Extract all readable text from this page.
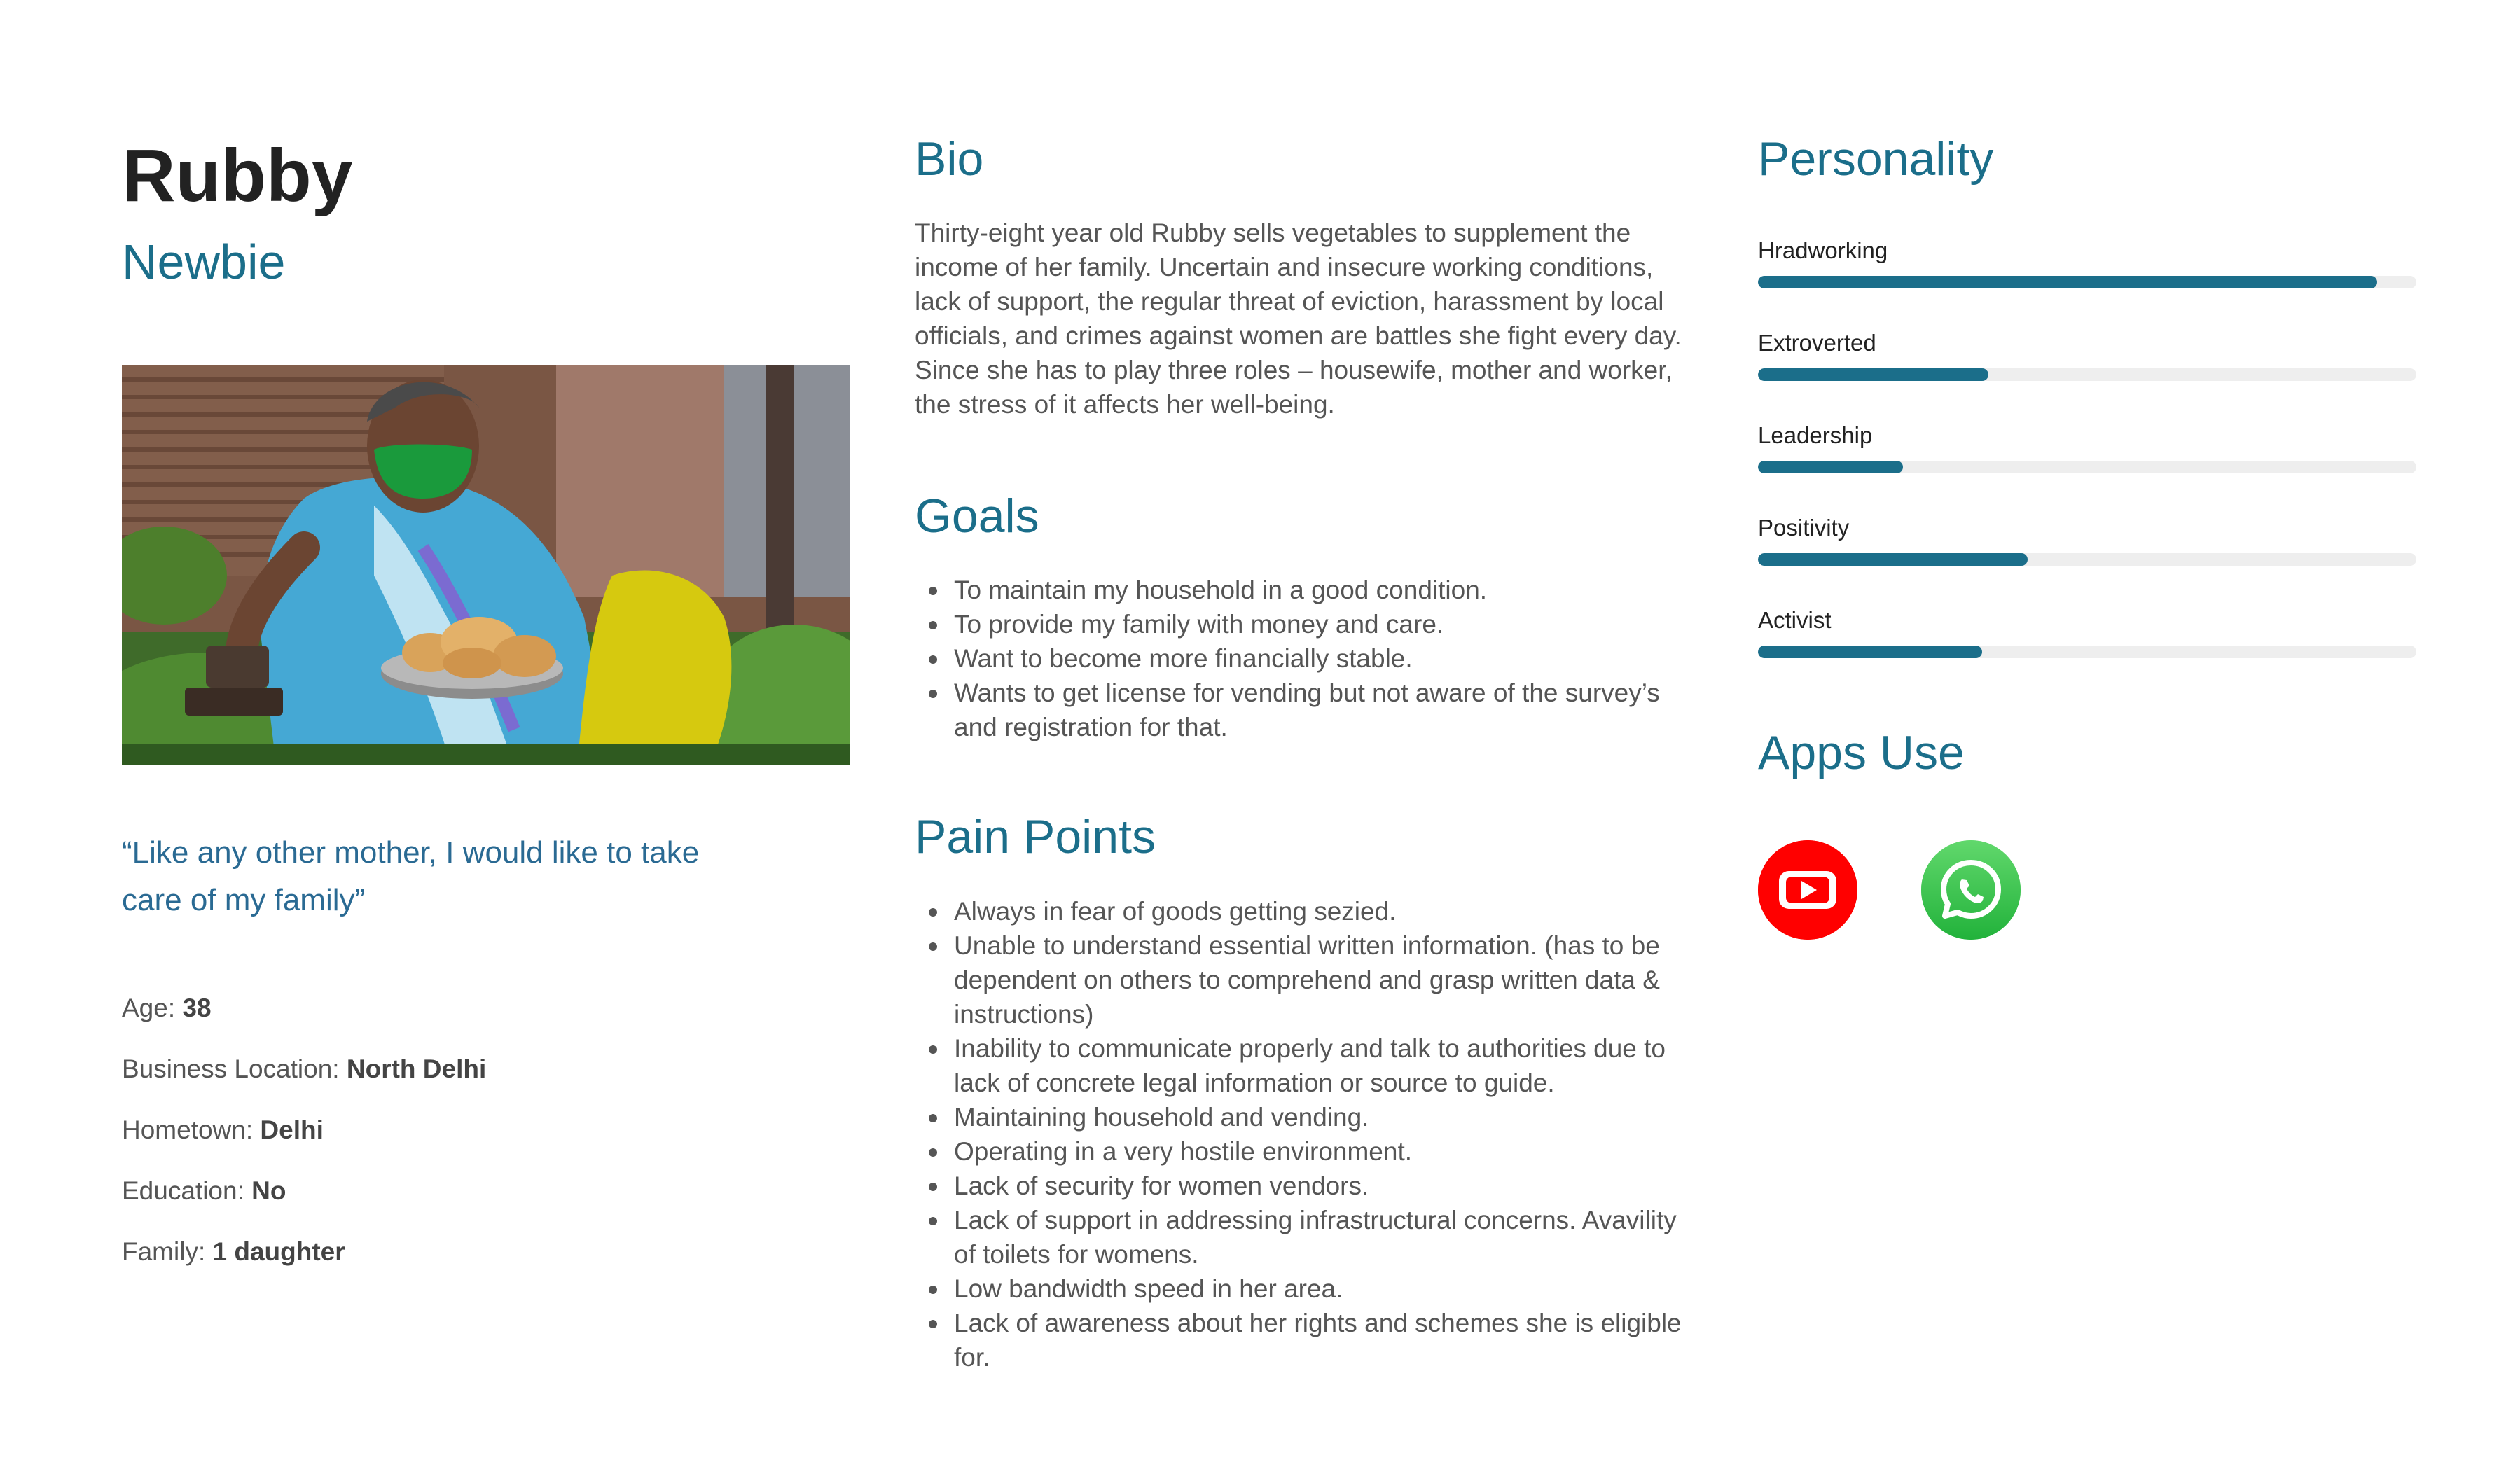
Rubby
Newbie

“Like any other mother, I would like to take care of my family”

Age: 38
Business Location: North Delhi
Hometown: Delhi
Education: No
Family: 1 daughter
Bio

Thirty-eight year old Rubby sells vegetables to supplement the income of her family. Uncertain and insecure working conditions, lack of support, the regular threat of eviction, harassment by local officials, and crimes against women are battles she fight every day. Since she has to play three roles – housewife, mother and worker, the stress of it affects her well-being.

Goals
To maintain my household in a good condition.
To provide my family with money and care.
Want to become more financially stable.
Wants to get license for vending but not aware of the survey’s and registration for that.
Pain Points
Always in fear of goods getting sezied.
Unable to understand essential written information. (has to be dependent on others to comprehend and grasp written data & instructions)
Inability to communicate properly and talk to authorities due to lack of concrete legal information or source to guide.
Maintaining household and vending.
Operating in a very hostile environment.
Lack of security for women vendors.
Lack of support in addressing infrastructural concerns. Avavility of toilets for womens.
Low bandwidth speed in her area.
Lack of awareness about her rights and schemes she is eligible for.
Personality
Hradworking
Extroverted
Leadership
Positivity
Activist
Apps Use
